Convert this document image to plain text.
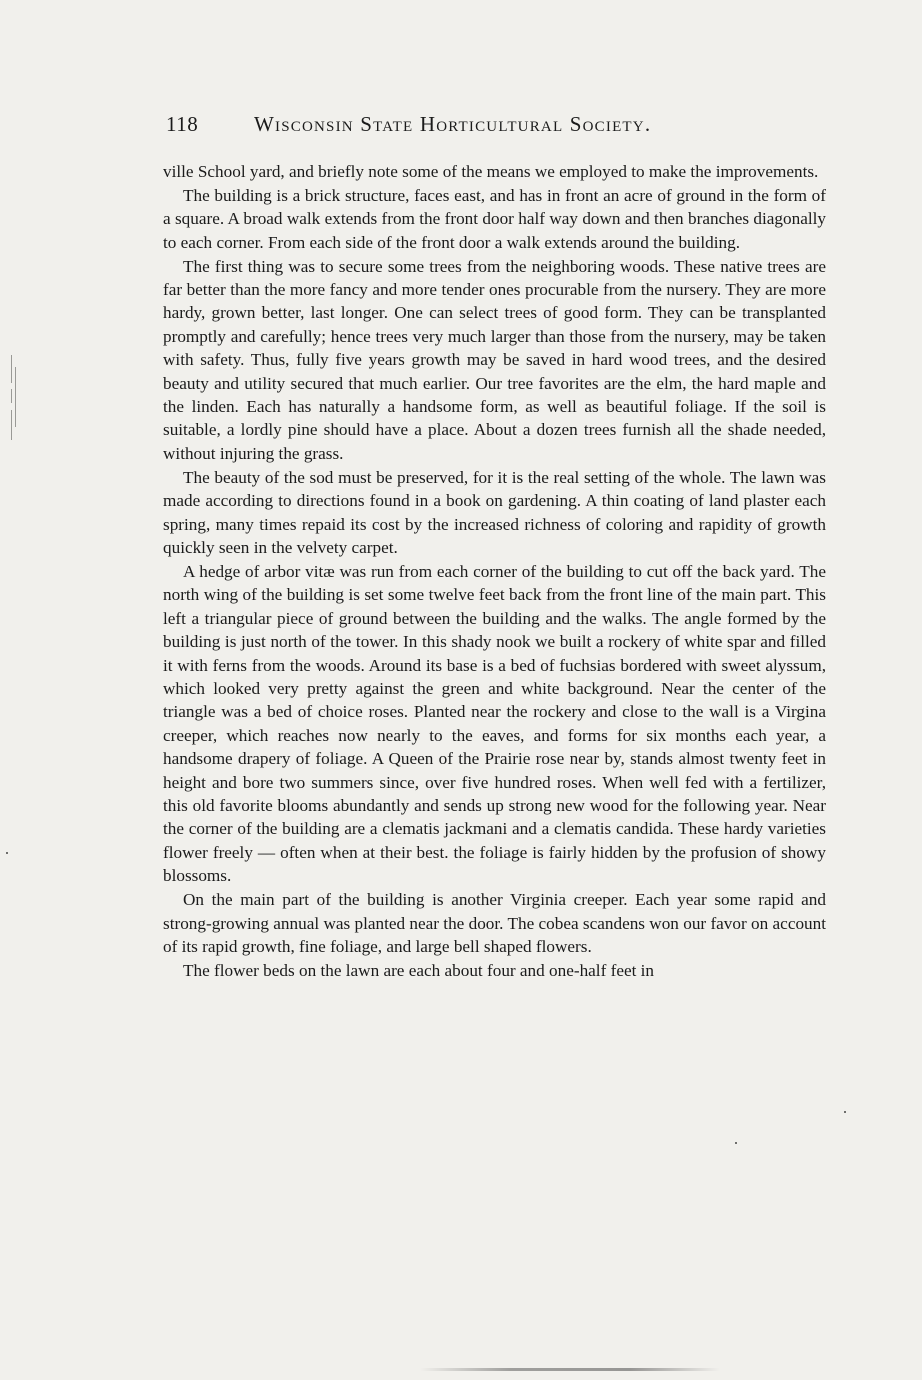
118	Wisconsin State Horticultural Society.

ville School yard, and briefly note some of the means we employed to make the improvements.

The building is a brick structure, faces east, and has in front an acre of ground in the form of a square. A broad walk extends from the front door half way down and then branches diagonally to each corner. From each side of the front door a walk extends around the building.

The first thing was to secure some trees from the neighboring woods. These native trees are far better than the more fancy and more tender ones procurable from the nursery. They are more hardy, grown better, last longer. One can select trees of good form. They can be transplanted promptly and carefully; hence trees very much larger than those from the nursery, may be taken with safety. Thus, fully five years growth may be saved in hard wood trees, and the desired beauty and utility secured that much earlier. Our tree favorites are the elm, the hard maple and the linden. Each has naturally a handsome form, as well as beautiful foliage. If the soil is suitable, a lordly pine should have a place. About a dozen trees furnish all the shade needed, without injuring the grass.

The beauty of the sod must be preserved, for it is the real setting of the whole. The lawn was made according to directions found in a book on gardening. A thin coating of land plaster each spring, many times repaid its cost by the increased richness of coloring and rapidity of growth quickly seen in the velvety carpet.

A hedge of arbor vitæ was run from each corner of the building to cut off the back yard. The north wing of the building is set some twelve feet back from the front line of the main part. This left a triangular piece of ground between the building and the walks. The angle formed by the building is just north of the tower. In this shady nook we built a rockery of white spar and filled it with ferns from the woods. Around its base is a bed of fuchsias bordered with sweet alyssum, which looked very pretty against the green and white background. Near the center of the triangle was a bed of choice roses. Planted near the rockery and close to the wall is a Virgina creeper, which reaches now nearly to the eaves, and forms for six months each year, a handsome drapery of foliage. A Queen of the Prairie rose near by, stands almost twenty feet in height and bore two summers since, over five hundred roses. When well fed with a fertilizer, this old favorite blooms abundantly and sends up strong new wood for the following year. Near the corner of the building are a clematis jackmani and a clematis candida. These hardy varieties flower freely — often when at their best. the foliage is fairly hidden by the profusion of showy blossoms.

On the main part of the building is another Virginia creeper. Each year some rapid and strong-growing annual was planted near the door. The cobea scandens won our favor on account of its rapid growth, fine foliage, and large bell shaped flowers.

The flower beds on the lawn are each about four and one-half feet in
